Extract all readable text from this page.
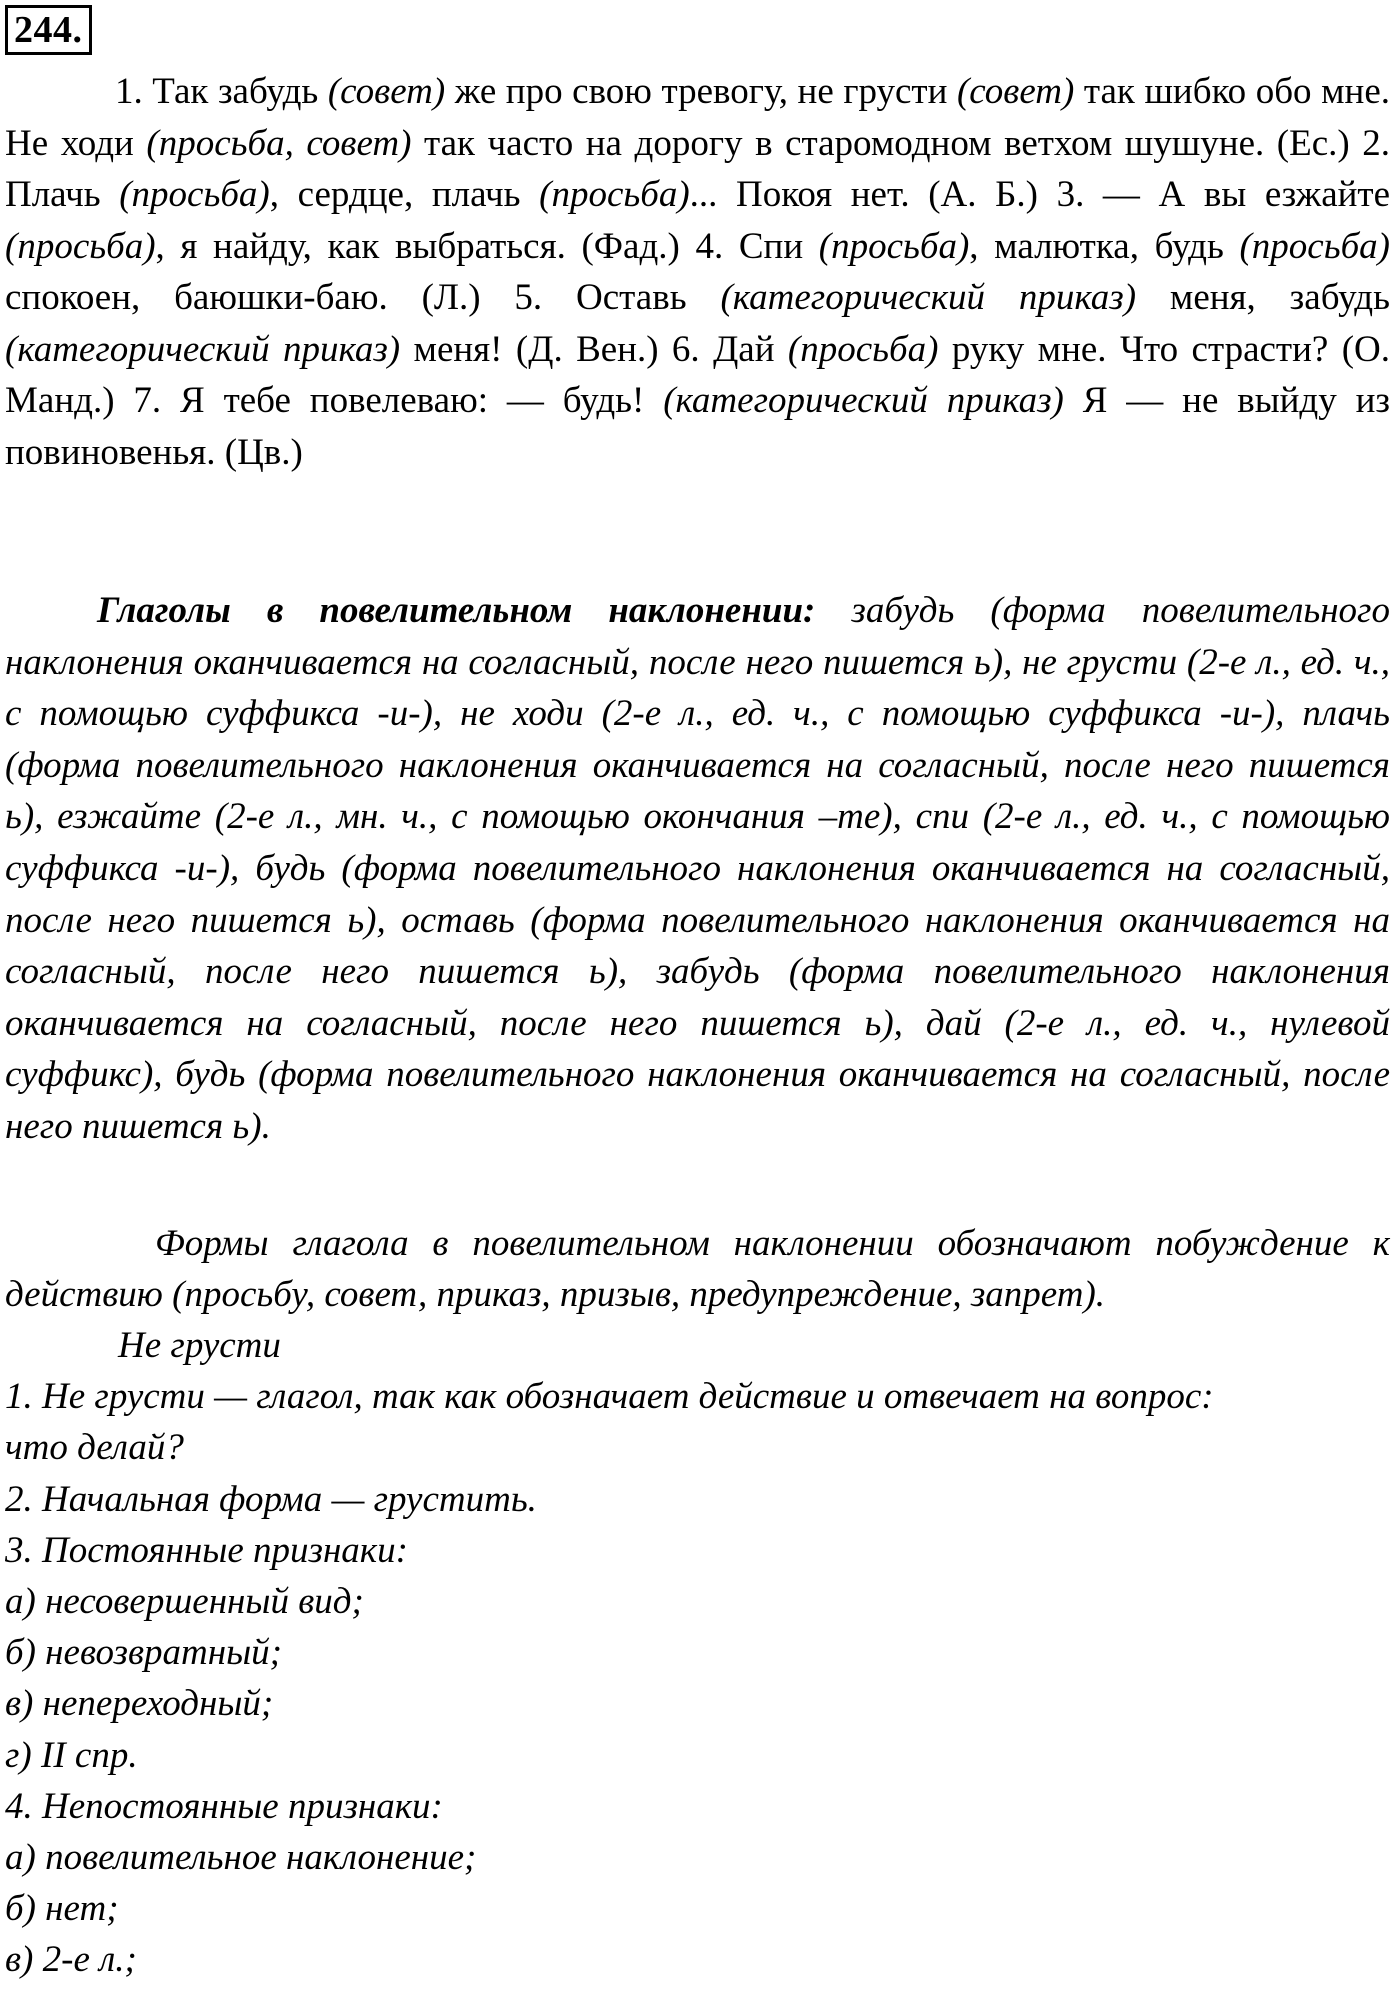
244.
1. Так забудь (совет) же про свою тревогу, не грусти (совет) так шибко обо мне. Не ходи (просьба, совет) так часто на дорогу в старомодном ветхом шушуне. (Ес.) 2. Плачь (просьба), сердце, плачь (просьба)... Покоя нет. (А. Б.) 3. — А вы езжайте (просьба), я найду, как выбраться. (Фад.) 4. Спи (просьба), малютка, будь (просьба) спокоен, баюшки-баю. (Л.) 5. Оставь (категорический приказ) меня, забудь (категорический приказ) меня! (Д. Вен.) 6. Дай (просьба) руку мне. Что страсти? (О. Манд.) 7. Я тебе повелеваю: — будь! (категорический приказ) Я — не выйду из повиновенья. (Цв.)
Глаголы в повелительном наклонении: забудь (форма повелительного наклонения оканчивается на согласный, после него пишется ь), не грусти (2-е л., ед. ч., с помощью суффикса -и-), не ходи (2-е л., ед. ч., с помощью суффикса -и-), плачь (форма повелительного наклонения оканчивается на согласный, после него пишется ь), езжайте (2-е л., мн. ч., с помощью окончания –те), спи (2-е л., ед. ч., с помощью суффикса -и-), будь (форма повелительного наклонения оканчивается на согласный, после него пишется ь), оставь (форма повелительного наклонения оканчивается на согласный, после него пишется ь), забудь (форма повелительного наклонения оканчивается на согласный, после него пишется ь), дай (2-е л., ед. ч., нулевой суффикс), будь (форма повелительного наклонения оканчивается на согласный, после него пишется ь).
Формы глагола в повелительном наклонении обозначают побуждение к действию (просьбу, совет, приказ, призыв, предупреждение, запрет).
Не грусти
1. Не грусти — глагол, так как обозначает действие и отвечает на вопрос:
что делай?
2. Начальная форма — грустить.
3. Постоянные признаки:
а) несовершенный вид;
б) невозвратный;
в) непереходный;
г) II спр.
4. Непостоянные признаки:
а) повелительное наклонение;
б) нет;
в) 2-е л.;
